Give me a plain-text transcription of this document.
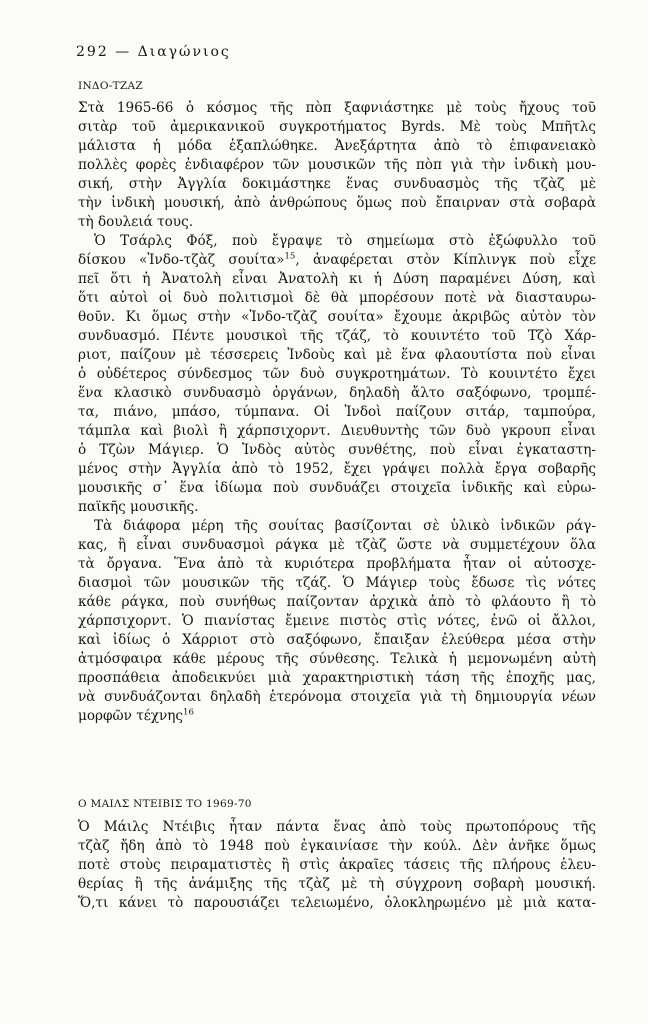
292 — Διαγώνιος
ΙΝΔΟ-ΤΖΑΖ
Στὰ 1965-66 ὁ κόσμος τῆς πὸπ ξαφνιάστηκε μὲ τοὺς ἤχους τοῦ
σιτὰρ τοῦ ἀμερικανικοῦ συγκροτήματος Byrds. Μὲ τοὺς Μπῆτλς
μάλιστα ἡ μόδα ἐξαπλώθηκε. Ἀνεξάρτητα ἀπὸ τὸ ἐπιφανειακὸ
πολλὲς φορὲς ἐνδιαφέρον τῶν μουσικῶν τῆς πὸπ γιὰ τὴν ἰνδικὴ μου-
σική, στὴν Ἀγγλία δοκιμάστηκε ἕνας συνδυασμὸς τῆς τζὰζ μὲ
τὴν ἰνδικὴ μουσική, ἀπὸ ἀνθρώπους ὅμως ποὺ ἔπαιρναν στὰ σοβαρὰ
τὴ δουλειά τους.
Ὁ Τσάρλς Φόξ, ποὺ ἔγραψε τὸ σημείωμα στὸ ἐξώφυλλο τοῦ
δίσκου «Ἰνδο-τζὰζ σουίτα»$^{15}$, ἀναφέρεται στὸν Κίπλινγκ ποὺ εἶχε
πεῖ ὅτι ἡ Ἀνατολὴ εἶναι Ἀνατολὴ κι ἡ Δύση παραμένει Δύση, καὶ
ὅτι αὐτοὶ οἱ δυὸ πολιτισμοὶ δὲ θὰ μπορέσουν ποτὲ νὰ διασταυρω-
θοῦν. Κι ὅμως στὴν «Ἰνδο-τζὰζ σουίτα» ἔχουμε ἀκριβῶς αὐτὸν τὸν
συνδυασμό. Πέντε μουσικοὶ τῆς τζάζ, τὸ κουιντέτο τοῦ Τζὸ Χάρ-
ριοτ, παίζουν μὲ τέσσερεις Ἰνδοὺς καὶ μὲ ἕνα φλαουτίστα ποὺ εἶναι
ὁ οὐδέτερος σύνδεσμος τῶν δυὸ συγκροτημάτων. Τὸ κουιντέτο ἔχει
ἕνα κλασικὸ συνδυασμὸ ὀργάνων, δηλαδὴ ἄλτο σαξόφωνο, τρομπέ-
τα, πιάνο, μπάσο, τύμπανα. Οἱ Ἰνδοὶ παίζουν σιτάρ, ταμπούρα,
τάμπλα καὶ βιολὶ ἢ χάρπσιχορντ. Διευθυντὴς τῶν δυὸ γκρουπ εἶναι
ὁ Τζὼν Μάγιερ. Ὁ Ἰνδὸς αὐτὸς συνθέτης, ποὺ εἶναι ἐγκαταστη-
μένος στὴν Ἀγγλία ἀπὸ τὸ 1952, ἔχει γράψει πολλὰ ἔργα σοβαρῆς
μουσικῆς σ᾿ ἕνα ἰδίωμα ποὺ συνδυάζει στοιχεῖα ἰνδικῆς καὶ εὐρω-
παϊκῆς μουσικῆς.
Τὰ διάφορα μέρη τῆς σουίτας βασίζονται σὲ ὑλικὸ ἰνδικῶν ράγ-
κας, ἢ εἶναι συνδυασμοὶ ράγκα μὲ τζὰζ ὥστε νὰ συμμετέχουν ὅλα
τὰ ὄργανα. Ἕνα ἀπὸ τὰ κυριότερα προβλήματα ἦταν οἱ αὐτοσχε-
διασμοὶ τῶν μουσικῶν τῆς τζάζ. Ὁ Μάγιερ τοὺς ἔδωσε τὶς νότες
κάθε ράγκα, ποὺ συνήθως παίζονταν ἀρχικὰ ἀπὸ τὸ φλάουτο ἢ τὸ
χάρπσιχορντ. Ὁ πιανίστας ἔμεινε πιστὸς στὶς νότες, ἐνῶ οἱ ἄλλοι,
καὶ ἰδίως ὁ Χάρριοτ στὸ σαξόφωνο, ἔπαιξαν ἐλεύθερα μέσα στὴν
ἀτμόσφαιρα κάθε μέρους τῆς σύνθεσης. Τελικὰ ἡ μεμονωμένη αὐτὴ
προσπάθεια ἀποδεικνύει μιὰ χαρακτηριστικὴ τάση τῆς ἐποχῆς μας,
νὰ συνδυάζονται δηλαδὴ ἑτερόνομα στοιχεῖα γιὰ τὴ δημιουργία νέων
μορφῶν τέχνης$^{16}$
Ο ΜΑΙΛΣ ΝΤΕΙΒΙΣ ΤΟ 1969-70
Ὁ Μάιλς Ντέιβις ἦταν πάντα ἕνας ἀπὸ τοὺς πρωτοπόρους τῆς
τζὰζ ἤδη ἀπὸ τὸ 1948 ποὺ ἐγκαινίασε τὴν κούλ. Δὲν ἀνῆκε ὅμως
ποτὲ στοὺς πειραματιστὲς ἢ στὶς ἀκραῖες τάσεις τῆς πλήρους ἐλευ-
θερίας ἢ τῆς ἀνάμιξης τῆς τζὰζ μὲ τὴ σύγχρονη σοβαρὴ μουσική.
Ὅ,τι κάνει τὸ παρουσιάζει τελειωμένο, ὁλοκληρωμένο μὲ μιὰ κατα-
